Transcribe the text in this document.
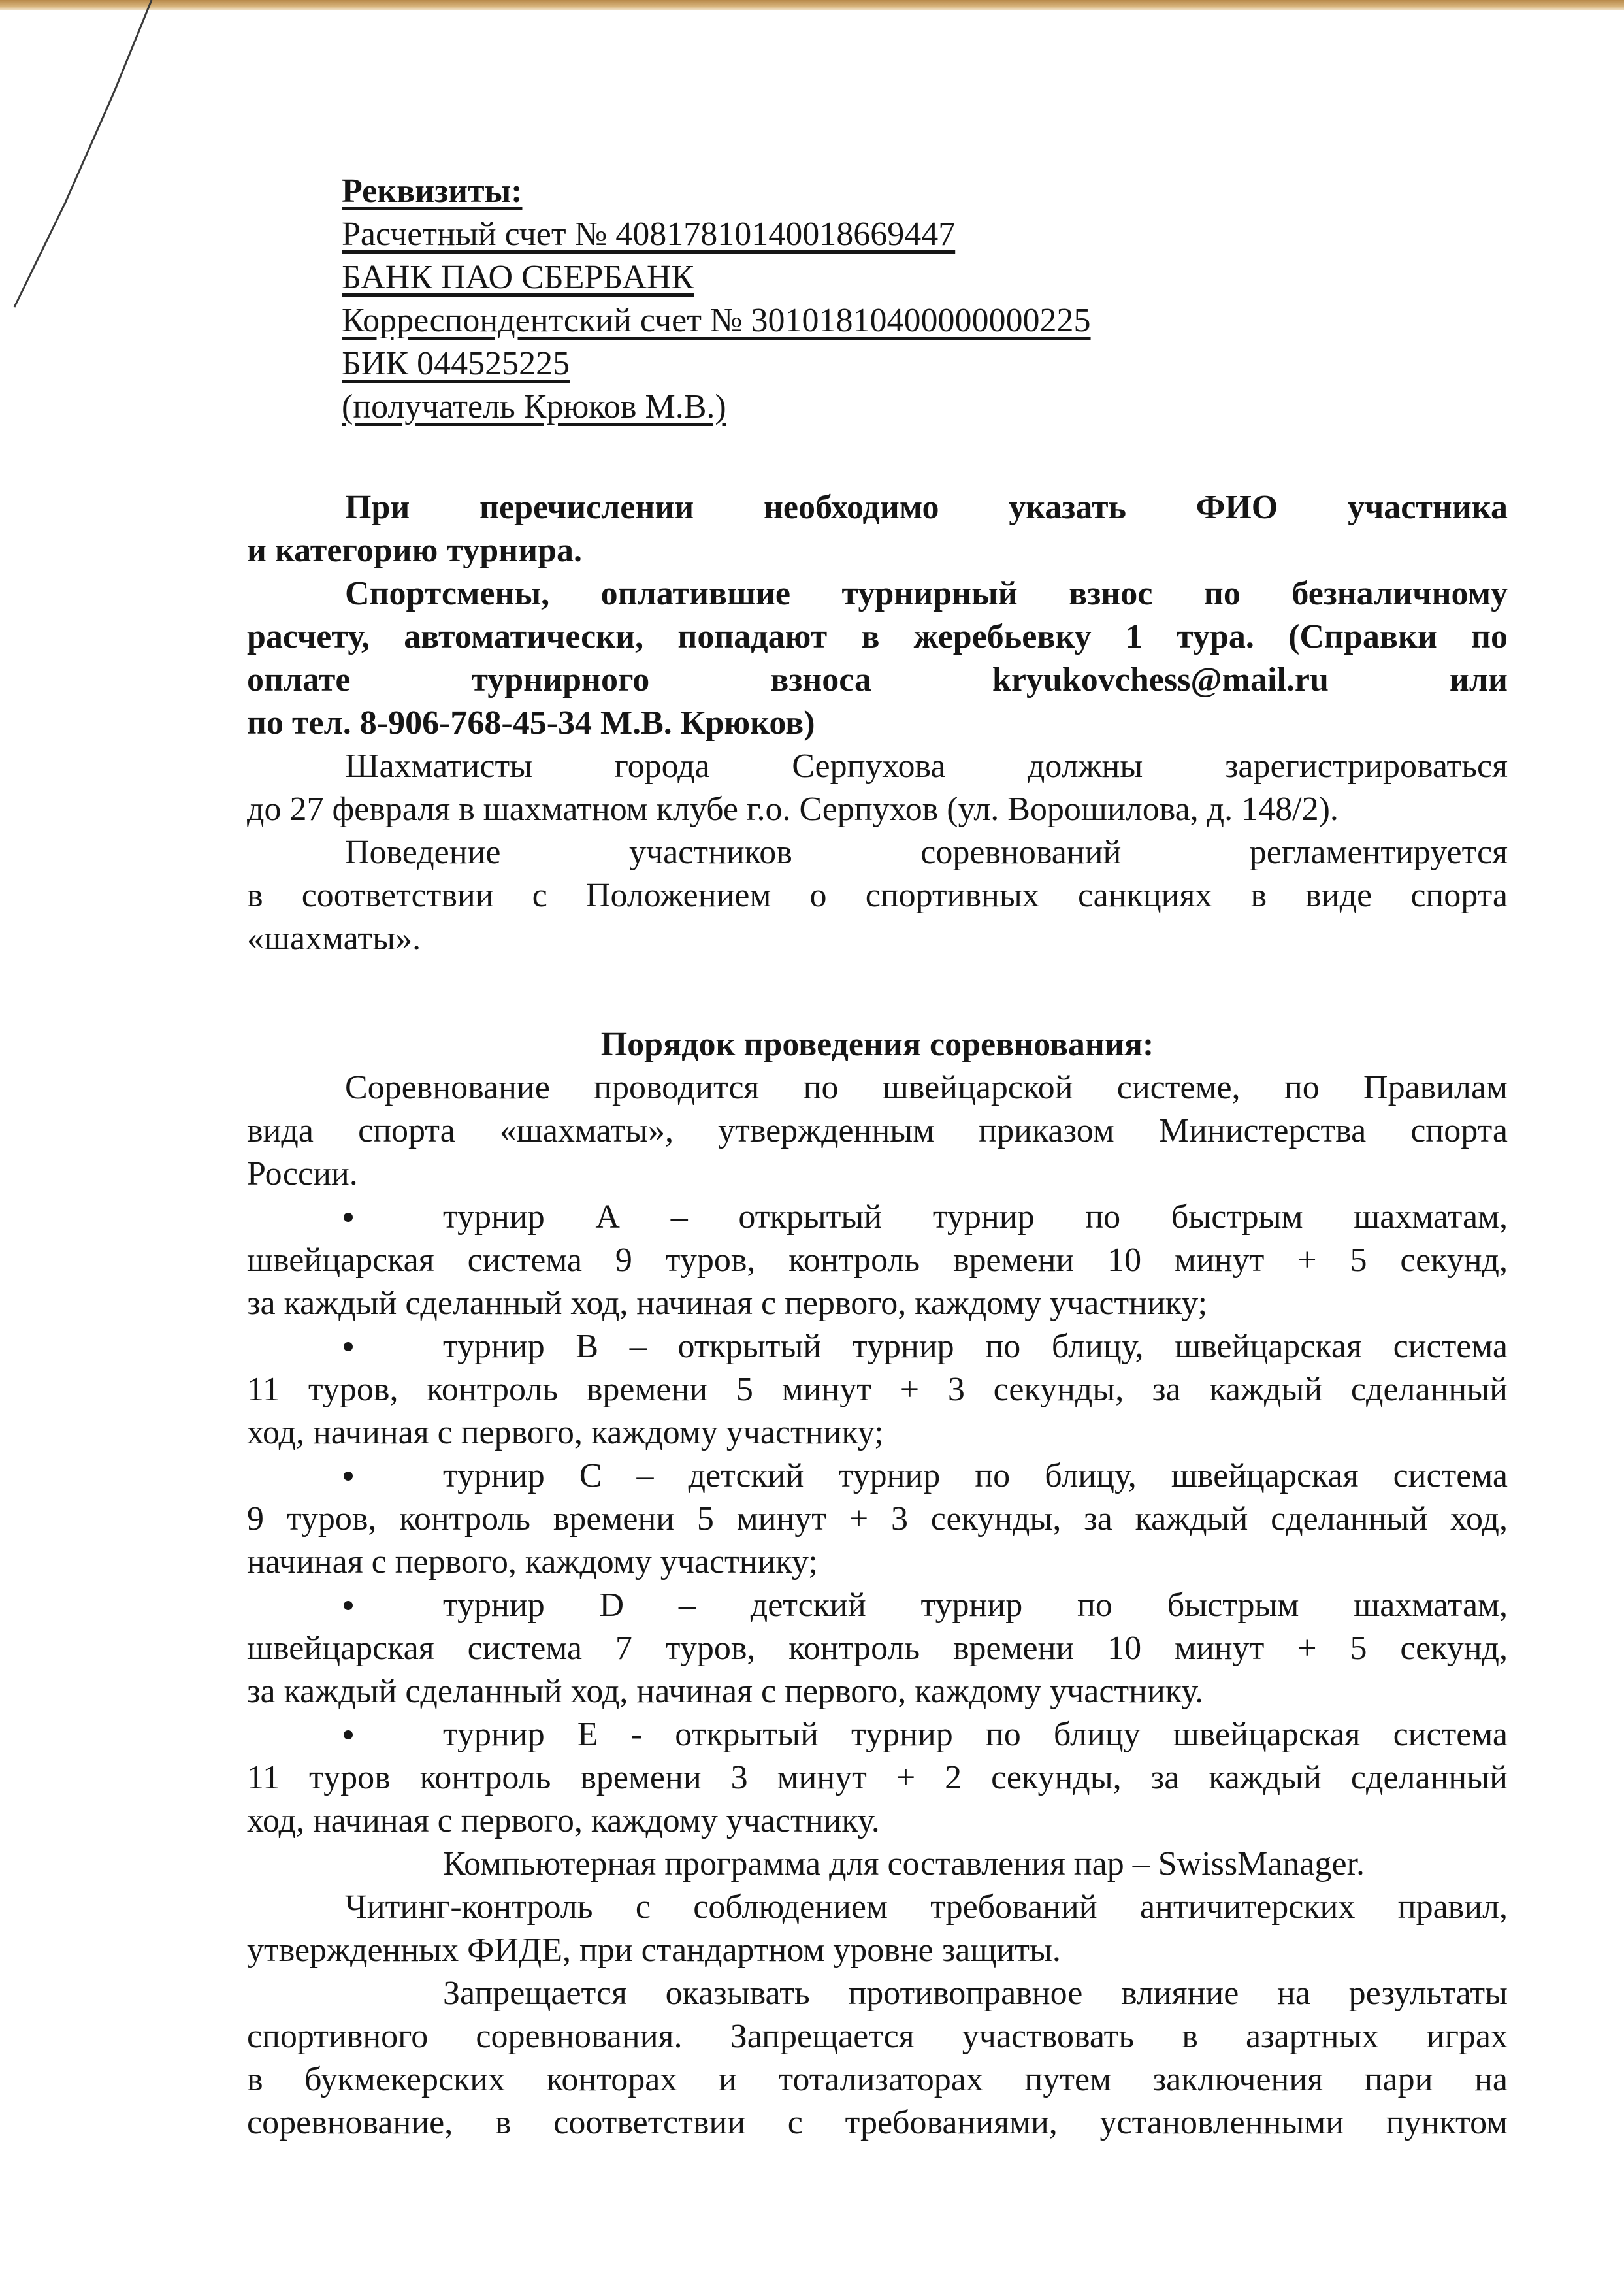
Реквизиты:
Расчетный счет № 40817810140018669447
БАНК ПАО СБЕРБАНК
Корреспондентский счет № 30101810400000000225
БИК 044525225
(получатель Крюков М.В.)
При перечислении необходимо указать ФИО участника
и категорию турнира.
Спортсмены, оплатившие турнирный взнос по безналичному
расчету, автоматически, попадают в жеребьевку 1 тура. (Справки по
оплате турнирного взноса kryukovchess@mail.ru или
по тел. 8-906-768-45-34 М.В. Крюков)
Шахматисты города Серпухова должны зарегистрироваться
до 27 февраля в шахматном клубе г.о. Серпухов (ул. Ворошилова, д. 148/2).
Поведение участников соревнований регламентируется
в соответствии с Положением о спортивных санкциях в виде спорта
«шахматы».
Порядок проведения соревнования:
Соревнование проводится по швейцарской системе, по Правилам
вида спорта «шахматы», утвержденным приказом Министерства спорта
России.
турнир А – открытый турнир по быстрым шахматам,
швейцарская система 9 туров, контроль времени 10 минут + 5 секунд,
за каждый сделанный ход, начиная с первого, каждому участнику;
турнир В – открытый турнир по блицу, швейцарская система
11 туров, контроль времени 5 минут + 3 секунды, за каждый сделанный
ход, начиная с первого, каждому участнику;
турнир С – детский турнир по блицу, швейцарская система
9 туров, контроль времени 5 минут + 3 секунды, за каждый сделанный ход,
начиная с первого, каждому участнику;
турнир D – детский турнир по быстрым шахматам,
швейцарская система 7 туров, контроль времени 10 минут + 5 секунд,
за каждый сделанный ход, начиная с первого, каждому участнику.
турнир Е - открытый турнир по блицу швейцарская система
11 туров контроль времени 3 минут + 2 секунды, за каждый сделанный
ход, начиная с первого, каждому участнику.
Компьютерная программа для составления пар – SwissManager.
Читинг-контроль с соблюдением требований античитерских правил,
утвержденных ФИДЕ, при стандартном уровне защиты.
Запрещается оказывать противоправное влияние на результаты
спортивного соревнования. Запрещается участвовать в азартных играх
в букмекерских конторах и тотализаторах путем заключения пари на
соревнование, в соответствии с требованиями, установленными пунктом
